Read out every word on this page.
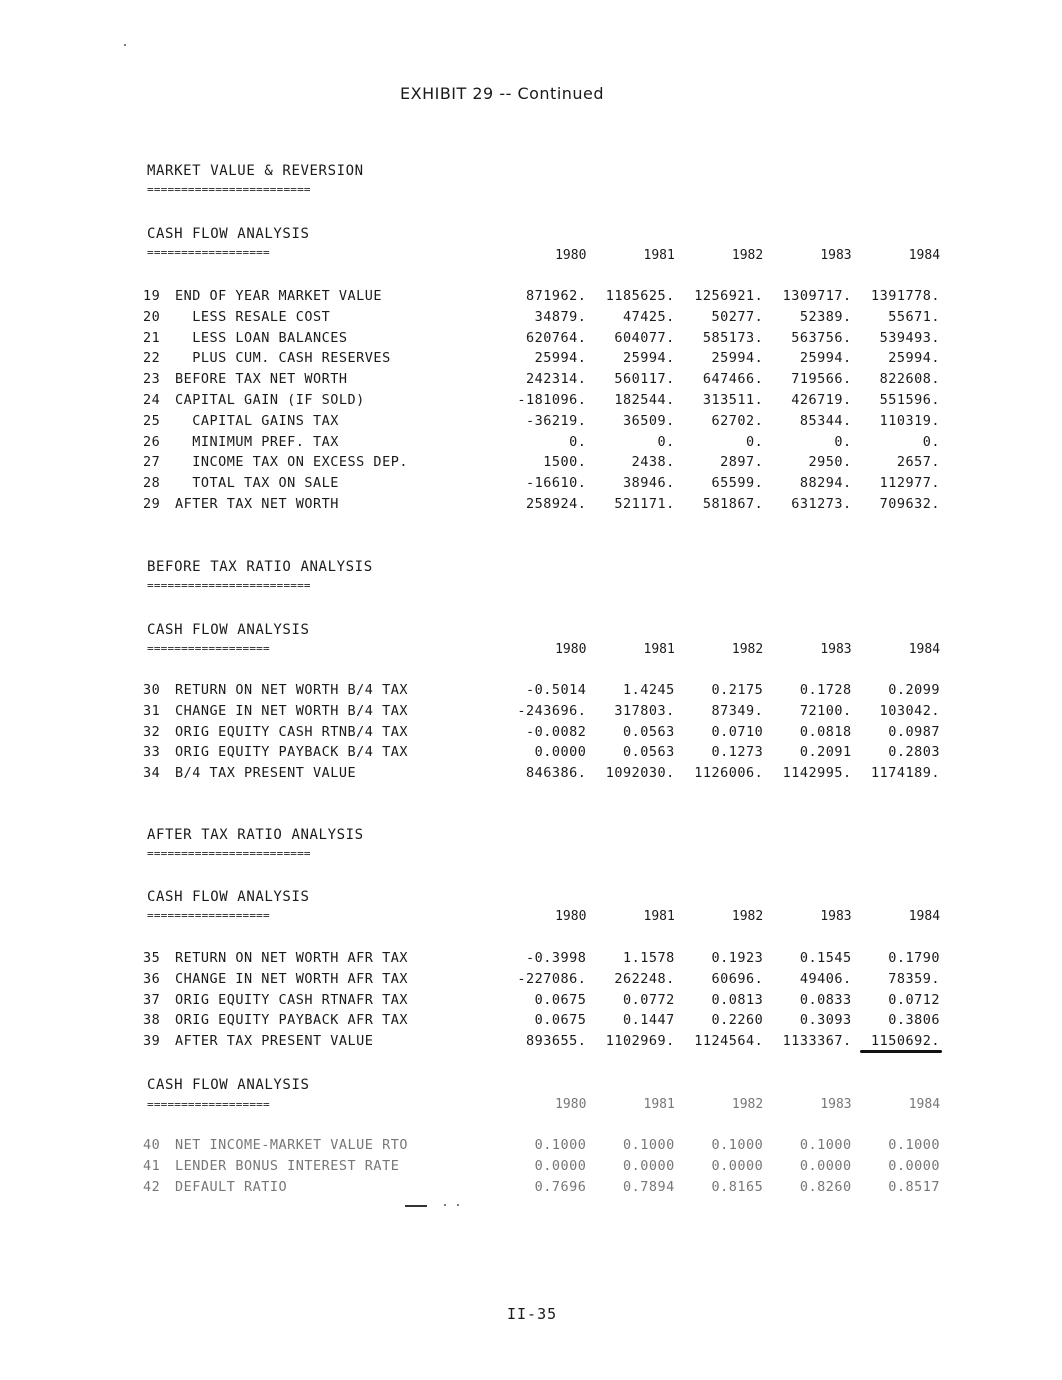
EXHIBIT 29 -- Continued
MARKET VALUE & REVERSION
========================
CASH FLOW ANALYSIS
==================	1980	1981	1982	1983	1984
19	END OF YEAR MARKET VALUE	871962.	1185625.	1256921.	1309717.	1391778.
20	LESS RESALE COST	34879.	47425.	50277.	52389.	55671.
21	LESS LOAN BALANCES	620764.	604077.	585173.	563756.	539493.
22	PLUS CUM. CASH RESERVES	25994.	25994.	25994.	25994.	25994.
23	BEFORE TAX NET WORTH	242314.	560117.	647466.	719566.	822608.
24	CAPITAL GAIN (IF SOLD)	-181096.	182544.	313511.	426719.	551596.
25	CAPITAL GAINS TAX	-36219.	36509.	62702.	85344.	110319.
26	MINIMUM PREF. TAX	0.	0.	0.	0.	0.
27	INCOME TAX ON EXCESS DEP.	1500.	2438.	2897.	2950.	2657.
28	TOTAL TAX ON SALE	-16610.	38946.	65599.	88294.	112977.
29	AFTER TAX NET WORTH	258924.	521171.	581867.	631273.	709632.
BEFORE TAX RATIO ANALYSIS
========================
CASH FLOW ANALYSIS
==================	1980	1981	1982	1983	1984
30	RETURN ON NET WORTH B/4 TAX	-0.5014	1.4245	0.2175	0.1728	0.2099
31	CHANGE IN NET WORTH B/4 TAX	-243696.	317803.	87349.	72100.	103042.
32	ORIG EQUITY CASH RTNB/4 TAX	-0.0082	0.0563	0.0710	0.0818	0.0987
33	ORIG EQUITY PAYBACK B/4 TAX	0.0000	0.0563	0.1273	0.2091	0.2803
34	B/4 TAX PRESENT VALUE	846386.	1092030.	1126006.	1142995.	1174189.
AFTER TAX RATIO ANALYSIS
========================
CASH FLOW ANALYSIS
==================	1980	1981	1982	1983	1984
35	RETURN ON NET WORTH AFR TAX	-0.3998	1.1578	0.1923	0.1545	0.1790
36	CHANGE IN NET WORTH AFR TAX	-227086.	262248.	60696.	49406.	78359.
37	ORIG EQUITY CASH RTNAFR TAX	0.0675	0.0772	0.0813	0.0833	0.0712
38	ORIG EQUITY PAYBACK AFR TAX	0.0675	0.1447	0.2260	0.3093	0.3806
39	AFTER TAX PRESENT VALUE	893655.	1102969.	1124564.	1133367.	1150692.
CASH FLOW ANALYSIS
==================	1980	1981	1982	1983	1984
40	NET INCOME-MARKET VALUE RTO	0.1000	0.1000	0.1000	0.1000	0.1000
41	LENDER BONUS INTEREST RATE	0.0000	0.0000	0.0000	0.0000	0.0000
42	DEFAULT RATIO	0.7696	0.7894	0.8165	0.8260	0.8517
II-35
